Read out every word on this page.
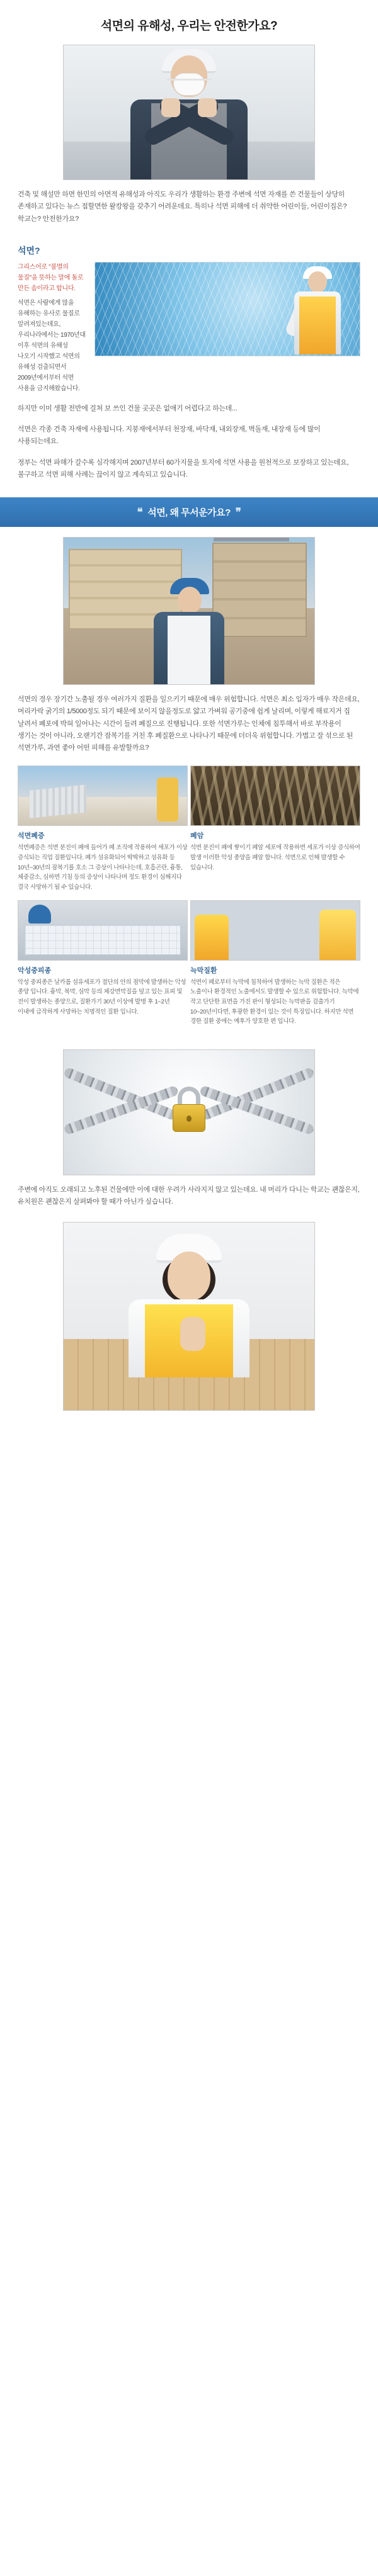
석면의 유해성, 우리는 안전한가요?
건축 및 해설만 하면 한민의 아면적 유해성과 아직도 우리가 생활하는 환경 주변에 석면 자재를 쓴 건물들이 상당히 존재하고 있다는 뉴스 접할면한 왈캉왕을 갖추기 어려운데요. 특히나 석면 피해에 더 취약한 어린이들, 어린이집은? 학교는? 안전한가요?
석면?
그리스어로 "불멸의 물질"을 뜻하는 말에 돌로 만든 솜이라고 합니다.
석면은 사람에게 많을 유해하는 유사로 물질로 알려져있는데요, 우리나라에서는 1970년대 이후 석면의 유해성 나오기 시작했고 석면의 유해성 검출되면서 2009년에서부터 석면 사용을 금지해왔습니다.
하지만 이미 생활 전반에 걸쳐 보 쓰인 건물 곳곳은 없애기 어렵다고 하는데...
석면은 각종 건축 자재에 사용됩니다. 지붕재에서부터 천장재, 바닥재, 내외장재, 벽돌재, 내장재 등에 많이 사용되는데요.
정부는 석면 파해가 갈수록 심각해지며 2007년부터 60가지물을 토지에 석면 사용을 원천적으로 보장하고 있는데요, 불구하고 석면 피해 사례는 끊이지 않고 계속되고 있습니다.
❝ 석면, 왜 무서운가요? ❞
석면의 경우 장기간 노출될 경우 여러가지 질환을 일으키기 때문에 매우 위험합니다. 석면은 최소 입자가 매우 작은데요, 머리카락 굵기의 1/5000정도 되기 때문에 보이지 않을정도로 얇고 가벼워 공기중에 쉽게 날리며, 이렇게 해료지거 집 날려서 폐포에 박혀 일어나는 시간이 들려 폐질으로 진행됩니다. 또한 석면가루는 인체에 침투해서 바로 부작용이 생기는 것이 아니라, 오랜기간 잠복기를 거친 후 폐질환으로 나타나기 때문에 더더욱 위험합니다. 가볍고 잘 섞으로 된 석면가루, 과연 좋아 어떤 피해를 유발할까요?
석면폐증
석면폐증은 석면 분진이 폐에 들어가 폐 조직에 작용하여 세포가 이상 증식되는 직업 질환입니다. 폐가 섬유화되어 딱딱하고 섬유화 등 10년~30년의 잠복기를 호소 그 증상이 나타나는데, 호흡곤란, 흉통, 체중감소, 심하면 기침 등의 증상이 나타나며 정도 환경이 심해지다 결국 사망하기 될 수 있습니다.
폐암
석면 분진이 폐에 쌓이기 폐암 세포에 작용하면 세포가 이상 증식하여 발생 이러한 악성 종양을 폐암 합니다. 석면으로 인해 발생할 수 있습니다.
악성중피종
악성 중피종은 날카롭 섬유세포가 절단의 안의 점막에 발생하는 악성 종양 입니다. 흉막, 복막, 심막 등의 체강면막질을 덮고 있는 표피 및 전이 발생하는 종양으로, 질환가기 30년 이상에 발병 후 1~2년 이내에 급작하게 사망하는 치명적인 질환 입니다.
늑막질환
석면이 폐로부터 늑막에 침착하여 발생하는 늑막 질환은 적은 노출이나 환경적인 노출에서도 발생할 수 있으로 위험합니다. 늑막에 작고 단단한 표면을 가진 판이 형성되는 늑막판을 검출가기 10~20년이다면, 후광한 환경이 있는 것이 특징입니다. 하지만 석면 경한 질환 중에는 예후가 양호한 편 입니다.
주변에 아직도 오래되고 노후된 건물에만 이에 대한 우려가 사라지지 않고 있는데요. 내 머리가 다니는 학교는 괜찮은지, 유치원은 괜찮은지 살펴봐야 할 때가 아닌가 싶습니다.
